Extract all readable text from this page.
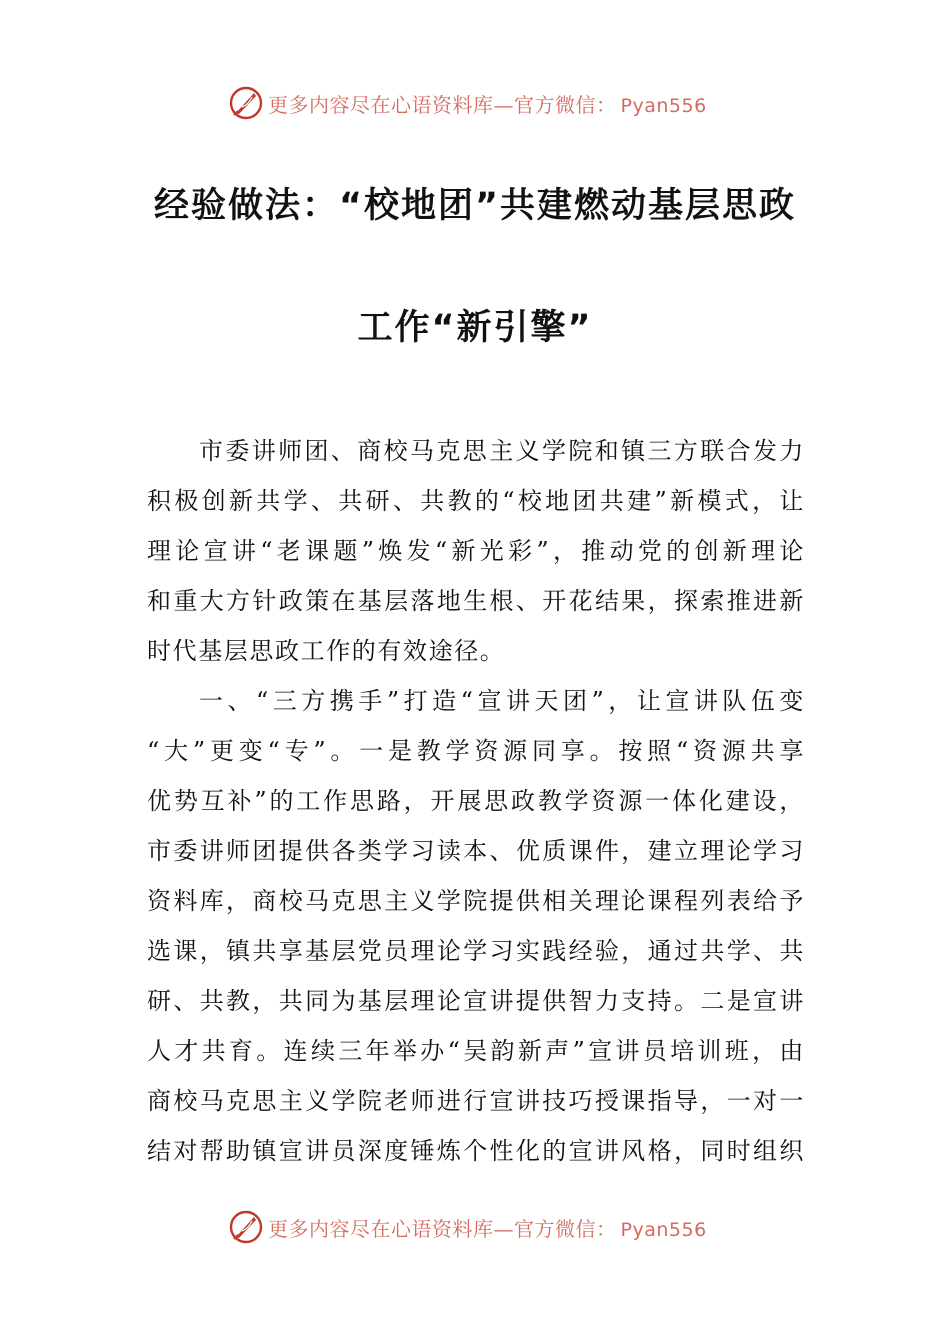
更多内容尽在心语资料库—官方微信： Pyan556
经验做法：“校地团”共建燃动基层思政
工作“新引擎”
市委讲师团、商校马克思主义学院和镇三方联合发力
积极创新共学、共研、共教的“校地团共建”新模式，让
理论宣讲“老课题”焕发“新光彩”，推动党的创新理论
和重大方针政策在基层落地生根、开花结果，探索推进新
时代基层思政工作的有效途径。
一、“三方携手”打造“宣讲天团”，让宣讲队伍变
“大”更变“专”。一是教学资源同享。按照“资源共享
优势互补”的工作思路，开展思政教学资源一体化建设，
市委讲师团提供各类学习读本、优质课件，建立理论学习
资料库，商校马克思主义学院提供相关理论课程列表给予
选课，镇共享基层党员理论学习实践经验，通过共学、共
研、共教，共同为基层理论宣讲提供智力支持。二是宣讲
人才共育。连续三年举办“吴韵新声”宣讲员培训班，由
商校马克思主义学院老师进行宣讲技巧授课指导，一对一
结对帮助镇宣讲员深度锤炼个性化的宣讲风格，同时组织
更多内容尽在心语资料库—官方微信： Pyan556
